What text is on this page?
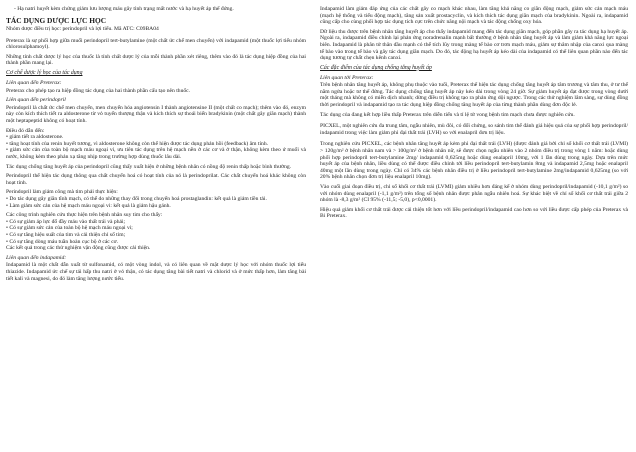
- Hạ natri huyết kèm chứng giảm lưu lượng máu gây tình trạng mất nước và hạ huyết áp thế đứng.

TÁC DỤNG DƯỢC LỰC HỌC

Nhóm dược điều trị học: perindopril và lợi tiểu. Mã ATC: C09BA04

Preterax là sự phối hợp giữa muối perindopril tert-butylamine (một chất ức chế men chuyển) với indapamid (một thuốc lợi tiểu nhóm chlorosulphamoyl).

Những tính chất dược lý học của thuốc là tính chất dược lý của mỗi thành phần xét riêng, thêm vào đó là tác dụng hiệp đồng của hai thành phần mang lại.

Cơ chế dược lý học của tác dụng
Liên quan đến Preterax:

Preterax cho phép tạo ra hiệp đồng tác dụng của hai thành phần cấu tạo nên thuốc.

Liên quan đến perindopril

Perindopril là chất ức chế men chuyển, men chuyển hóa angiotensin I thành angiotensine II (một chất co mạch); thêm vào đó, enzym này còn kích thích tiết ra aldosterone từ vỏ tuyến thượng thận và kích thích sự thoái biến bradykinin (một chất gây giãn mạch) thành một heptapeptid không có hoạt tính.

Điều đó dẫn đến:

• giảm tiết ra aldosterone.

• tăng hoạt tính của renin huyết tương, vì aldosterone không còn thể hiện được tác dụng phản hồi (feedback) âm tính.

• giảm sức cản của toàn bộ mạch máu ngoại vi, ưu tiên tác dụng trên hệ mạch nền ở các cơ và ở thận, không kèm theo ứ muối và nước, không kèm theo phản xạ tăng nhịp trong trường hợp dùng thuốc lâu dài.

Tác dụng chống tăng huyết áp của perindopril cũng thấy xuất hiện ở những bệnh nhân có nồng độ renin thấp hoặc bình thường.

Perindopril thể hiện tác dụng thông qua chất chuyển hoá có hoạt tính của nó là perindoprilat. Các chất chuyển hoá khác không còn hoạt tính.

Perindopril làm giảm công mà tim phải thực hiện:

• Do tác dụng gây giãn tĩnh mạch, có thể do những thay đổi trong chuyển hoá prostaglandin: kết quả là giảm tiền tải.

• Làm giảm sức cản của hệ mạch máu ngoại vi: kết quả là giảm hậu gánh.

Các công trình nghiên cứu thực hiện trên bệnh nhân suy tim cho thấy:

• Có sự giảm áp lực đổ đầy máu vào thất trái và phải;

• Có sự giảm sức cản của toàn bộ hệ mạch máu ngoại vi;

• Có sự tăng hiệu suất của tim và cải thiện chỉ số tim;

• Có sự tăng dòng máu tuần hoàn cục bộ ở các cơ.

Các kết quả trong các thử nghiệm vận động cũng được cải thiện.

Liên quan đến indapamid:

Indapamid là một chất dẫn xuất từ sulfonamid, có một vòng indol, và có liên quan về mặt dược lý học với nhóm thuốc lợi tiểu thiazide. Indapamid ức chế sự tái hấp thu natri ở vỏ thận, có tác dụng tăng bài tiết natri và chlorid và ở mức thấp hơn, làm tăng bài tiết kali và magnesi, do đó làm tăng lượng nước tiểu.

Indapamid làm giảm đáp ứng của các chất gây co mạch khác nhau, làm tăng khả năng co giãn động mạch, giảm sức cản mạch máu (mạch hệ thống và tiểu động mạch), tăng sản xuất prostacyclin, và kích thích tác dụng giãn mạch của bradykinin. Ngoài ra, indapamid cũng cấp cho cùng phối hợp tác dụng tích cực trên chức năng nội mạch và tác động chống oxy hóa.

Dữ liệu thu được trên bệnh nhân tăng huyết áp cho thấy indapamid mang đến tác dụng giãn mạch, góp phần gây ra tác dụng hạ huyết áp. Ngoài ra, indapamid điều chỉnh lại phản ứng noradrenalin mạnh bất thường ở bệnh nhân tăng huyết áp và làm giảm khả năng lực ngoại biên. Indapamid là phân tử thân dầu mạnh có thể tích lũy trong màng tế bào cơ trơn mạch máu, giảm sự thâm nhập của canxi qua màng tế bào vào trong tế bào và gây tác dụng giãn mạch. Do đó, tác động hạ huyết áp kéo dài của indapamid có thể liên quan phần nào đến tác dụng tương tự chất chẹn kênh canxi.

Các đặc điểm của tác dụng chống tăng huyết áp
Liên quan tới Preterax:

Trên bệnh nhân tăng huyết áp, không phụ thuộc vào tuổi, Preterax thể hiện tác dụng chống tăng huyết áp tâm trương và tâm thu, ở tư thế nằm ngửa hoặc tư thế đứng. Tác dụng chống tăng huyết áp này kéo dài trong vòng 24 giờ. Sự giảm huyết áp đạt được trong vòng dưới một tháng mà không có miễn dịch nhanh; dừng điều trị không tạo ra phản ứng dội ngược. Trong các thử nghiệm lâm sàng, sự dùng đồng thời perindopril và indapamid tạo ra tác dụng hiệp đồng chống tăng huyết áp của từng thành phần dùng đơn độc lẻ.

Tác dụng của đang kết hợp liều thấp Preterax trên diễn tiến và tỉ lệ tử vong bệnh tim mạch chưa được nghiên cứu.

PICXEL, một nghiên cứu đa trung tâm, ngẫu nhiên, mù đôi, có đối chứng, so sánh tim thể đánh giá hiệu quả của sự phối hợp perindopril/ indapamid trong việc làm giảm phì đại thất trái (LVH) so với enalapril đơn trị liệu.

Trong nghiên cứu PICXEL, các bệnh nhân tăng huyết áp kèm phì đại thất trái (LVH) (được đánh giá bởi chỉ số khối cơ thất trái (LVMI) > 120g/m² ở bệnh nhân nam và > 100g/m² ở bệnh nhân nữ, sẽ được chọn ngẫu nhiên vào 2 nhóm điều trị trong vòng 1 năm: hoặc dùng phối hợp perindopril tert-butylamine 2mg/ indapamid 0,625mg hoặc dùng enalapril 10mg, với 1 lần dùng trong ngày. Dựa trên mức huyết áp của bệnh nhân, liều dùng có thể được điều chỉnh tới liều perindopril tert-butylamin 8mg và indapamid 2,5mg hoặc enalapril 40mg một lần dùng trong ngày. Chỉ có 34% các bệnh nhân điều trị ở liều perindopril tert-butylamine 2mg/indapamid 0,625mg (so với 20% bệnh nhân chọn đơn trị liệu enalapril 10mg).

Vào cuối giai đoạn điều trị, chỉ số khối cơ thất trái (LVMI) giảm nhiều hơn đáng kể ở nhóm dùng perindopril/indapamid (-10,1 g/m²) so với nhóm dùng enalapril (-1,1 g/m²) trên tổng số bệnh nhân được phân ngẫu nhiên hoá. Sự khác biệt về chỉ số khối cơ thất trái giữa 2 nhóm là -8,3 g/m² (CI 95% (-11,5; -5,0), p<0,0001).

Hiệu quả giảm khối cơ thất trái được cải thiện tốt hơn với liều perindopril/indapamid cao hơn so với liều được cấp phép của Preterax và Bi Preterax.
